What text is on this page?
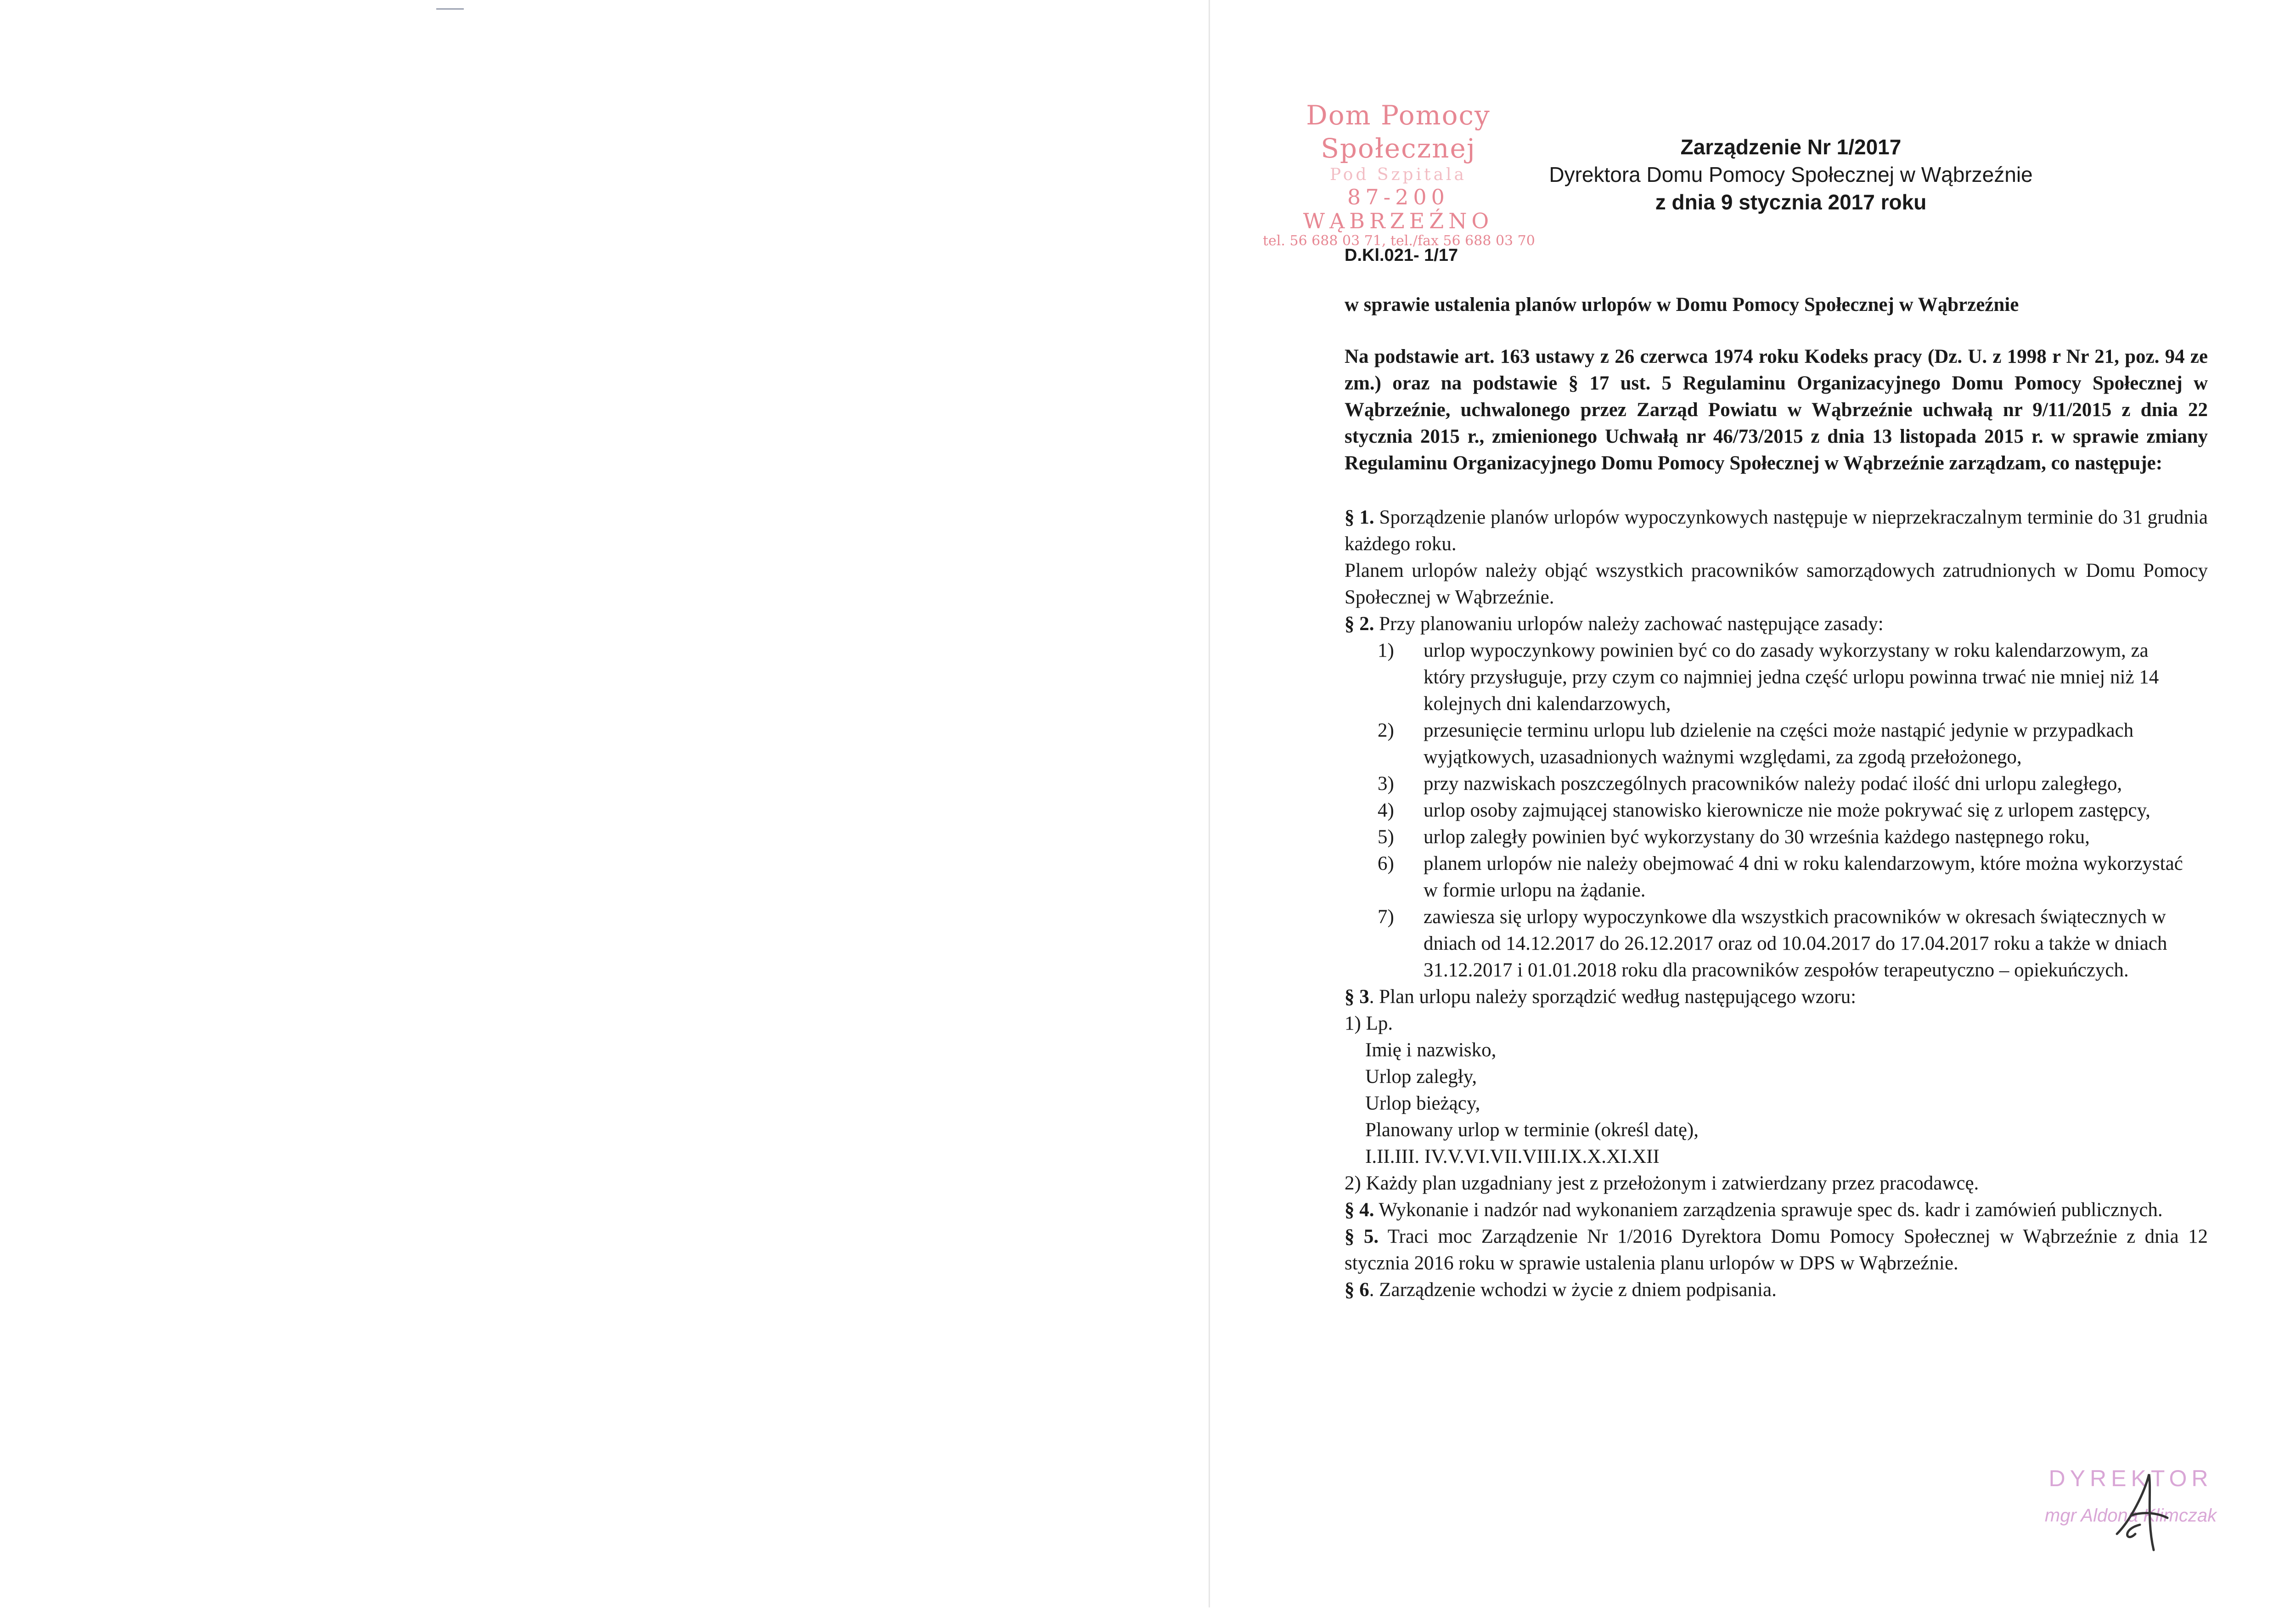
Dom Pomocy Społecznej
Pod Szpitala
87-200 WĄBRZEŹNO
tel. 56 688 03 71, tel./fax 56 688 03 70
Zarządzenie Nr 1/2017
Dyrektora Domu Pomocy Społecznej w Wąbrzeźnie
z dnia 9 stycznia 2017 roku
D.Kl.021- 1/17

w sprawie ustalenia planów urlopów w Domu Pomocy Społecznej w Wąbrzeźnie

Na podstawie art. 163 ustawy z 26 czerwca 1974 roku Kodeks pracy (Dz. U. z 1998 r Nr 21, poz. 94 ze zm.) oraz na podstawie § 17 ust. 5 Regulaminu Organizacyjnego Domu Pomocy Społecznej w Wąbrzeźnie, uchwalonego przez Zarząd Powiatu w Wąbrzeźnie uchwałą nr 9/11/2015 z dnia 22 stycznia 2015 r., zmienionego Uchwałą nr 46/73/2015 z dnia 13 listopada 2015 r. w sprawie zmiany Regulaminu Organizacyjnego Domu Pomocy Społecznej w Wąbrzeźnie zarządzam, co następuje:

§ 1. Sporządzenie planów urlopów wypoczynkowych następuje w nieprzekraczalnym terminie do 31 grudnia każdego roku.

Planem urlopów należy objąć wszystkich pracowników samorządowych zatrudnionych w Domu Pomocy Społecznej w Wąbrzeźnie.

§ 2. Przy planowaniu urlopów należy zachować następujące zasady:

1) urlop wypoczynkowy powinien być co do zasady wykorzystany w roku kalendarzowym, za który przysługuje, przy czym co najmniej jedna część urlopu powinna trwać nie mniej niż 14 kolejnych dni kalendarzowych,
2) przesunięcie terminu urlopu lub dzielenie na części może nastąpić jedynie w przypadkach wyjątkowych, uzasadnionych ważnymi względami, za zgodą przełożonego,
3) przy nazwiskach poszczególnych pracowników należy podać ilość dni urlopu zaległego,
4) urlop osoby zajmującej stanowisko kierownicze nie może pokrywać się z urlopem zastępcy,
5) urlop zaległy powinien być wykorzystany do 30 września każdego następnego roku,
6) planem urlopów nie należy obejmować 4 dni w roku kalendarzowym, które można wykorzystać w formie urlopu na żądanie.
7) zawiesza się urlopy wypoczynkowe dla wszystkich pracowników w okresach świątecznych w dniach od 14.12.2017 do 26.12.2017 oraz od 10.04.2017 do 17.04.2017 roku a także w dniach 31.12.2017 i 01.01.2018 roku dla pracowników zespołów terapeutyczno – opiekuńczych.

§ 3. Plan urlopu należy sporządzić według następującego wzoru:

1) Lp.
Imię i nazwisko,
Urlop zaległy,
Urlop bieżący,
Planowany urlop w terminie (określ datę),
I.II.III. IV.V.VI.VII.VIII.IX.X.XI.XII
2) Każdy plan uzgadniany jest z przełożonym i zatwierdzany przez pracodawcę.

§ 4. Wykonanie i nadzór nad wykonaniem zarządzenia sprawuje spec ds. kadr i zamówień publicznych.

§ 5. Traci moc Zarządzenie Nr 1/2016 Dyrektora Domu Pomocy Społecznej w Wąbrzeźnie z dnia 12 stycznia 2016 roku w sprawie ustalenia planu urlopów w DPS w Wąbrzeźnie.

§ 6. Zarządzenie wchodzi w życie z dniem podpisania.

DYREKTOR
mgr Aldona Klimczak
